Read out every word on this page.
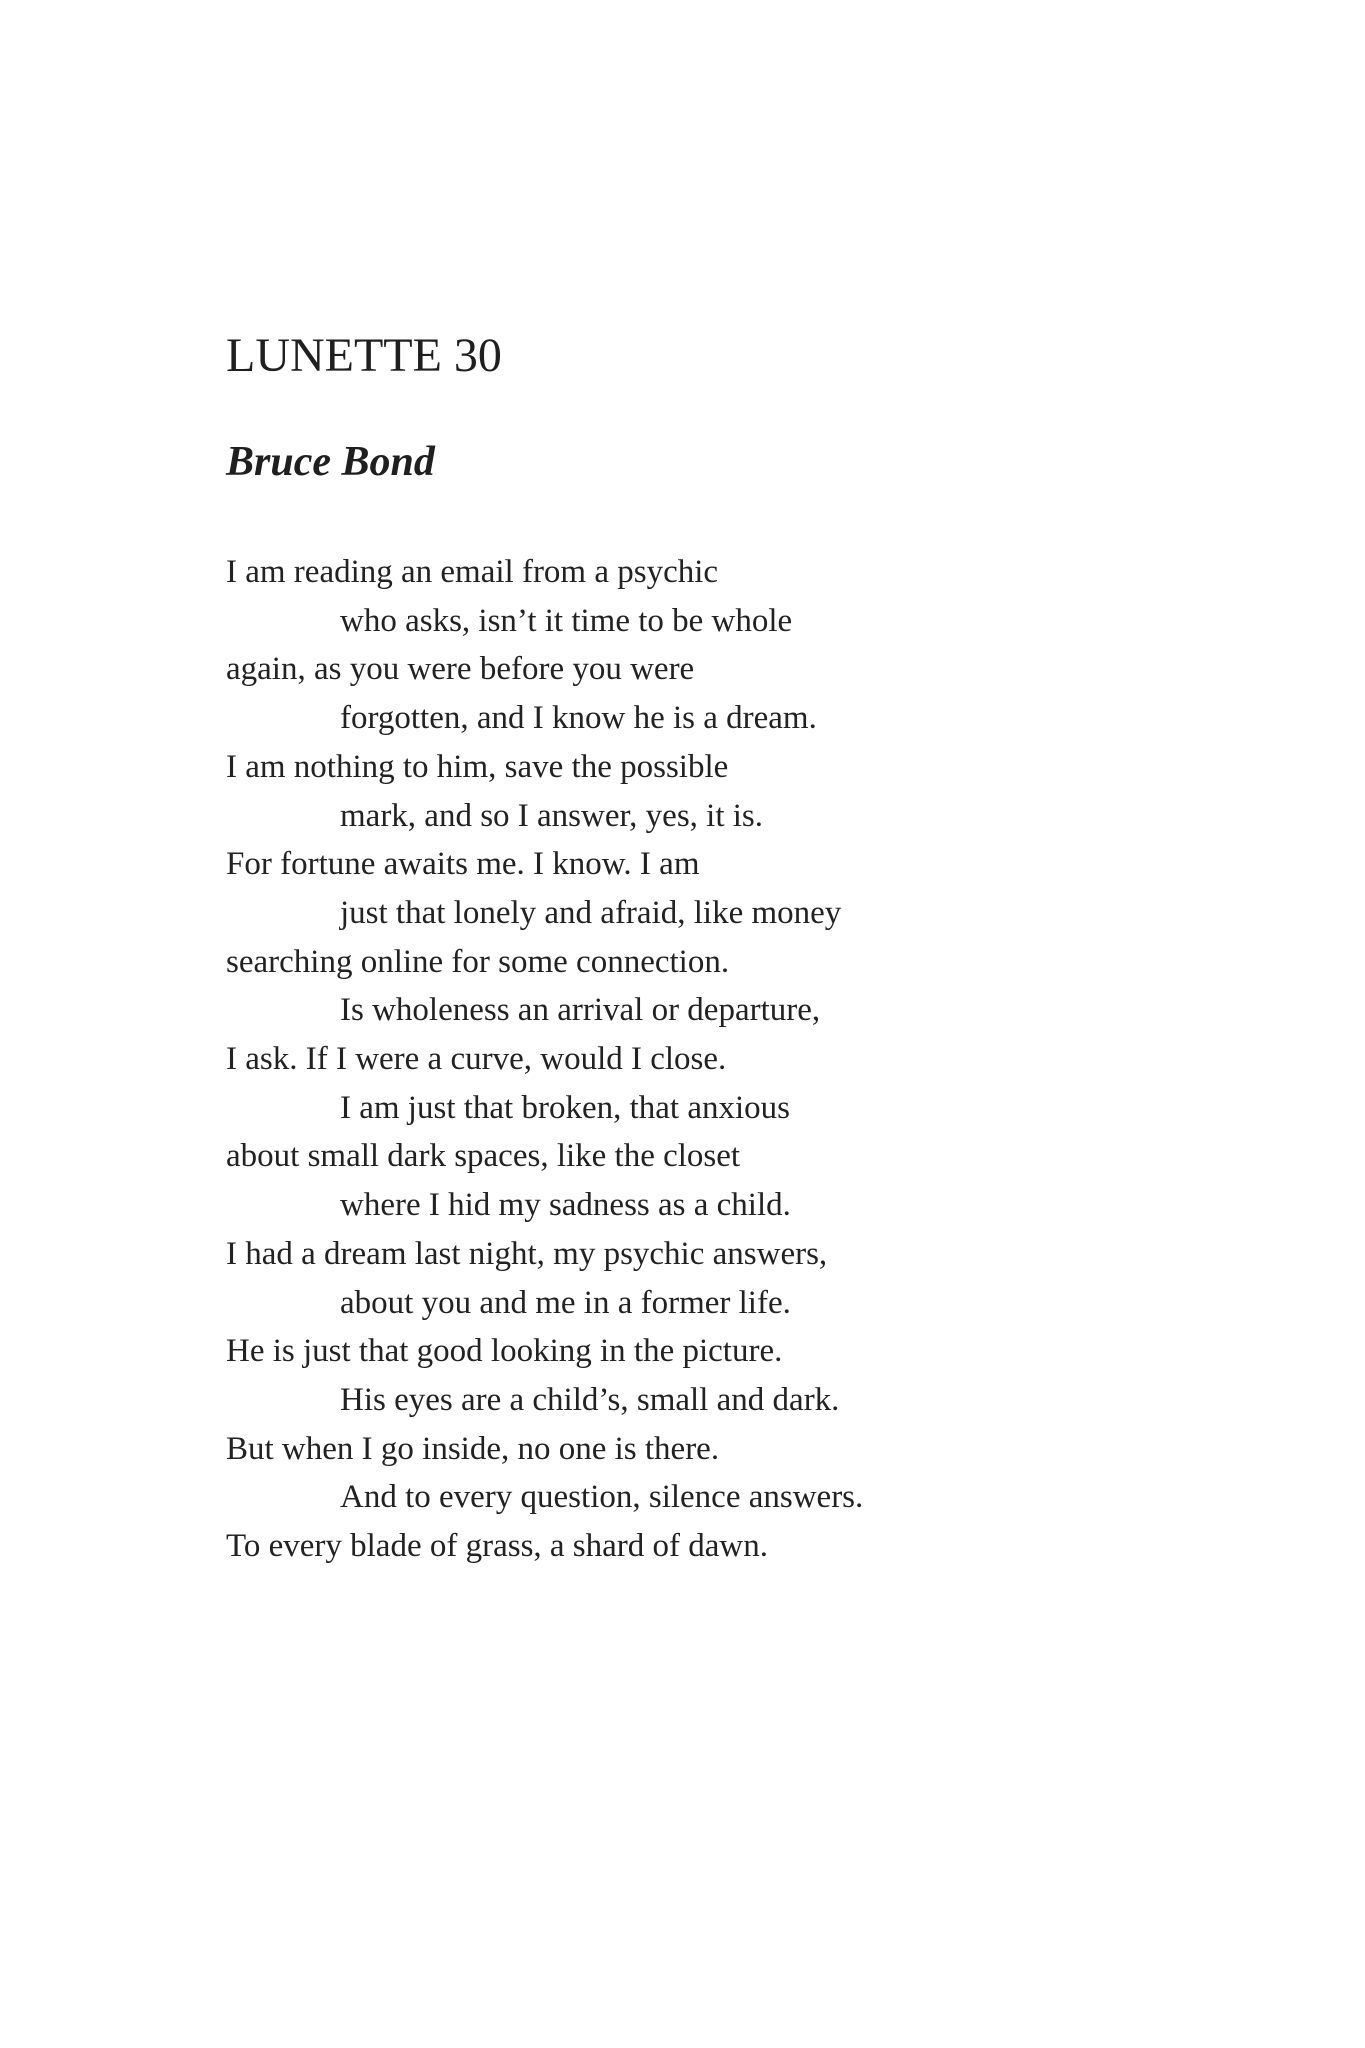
LUNETTE 30
Bruce Bond
I am reading an email from a psychic
who asks, isn’t it time to be whole
again, as you were before you were
forgotten, and I know he is a dream.
I am nothing to him, save the possible
mark, and so I answer, yes, it is.
For fortune awaits me. I know. I am
just that lonely and afraid, like money
searching online for some connection.
Is wholeness an arrival or departure,
I ask. If I were a curve, would I close.
I am just that broken, that anxious
about small dark spaces, like the closet
where I hid my sadness as a child.
I had a dream last night, my psychic answers,
about you and me in a former life.
He is just that good looking in the picture.
His eyes are a child’s, small and dark.
But when I go inside, no one is there.
And to every question, silence answers.
To every blade of grass, a shard of dawn.
